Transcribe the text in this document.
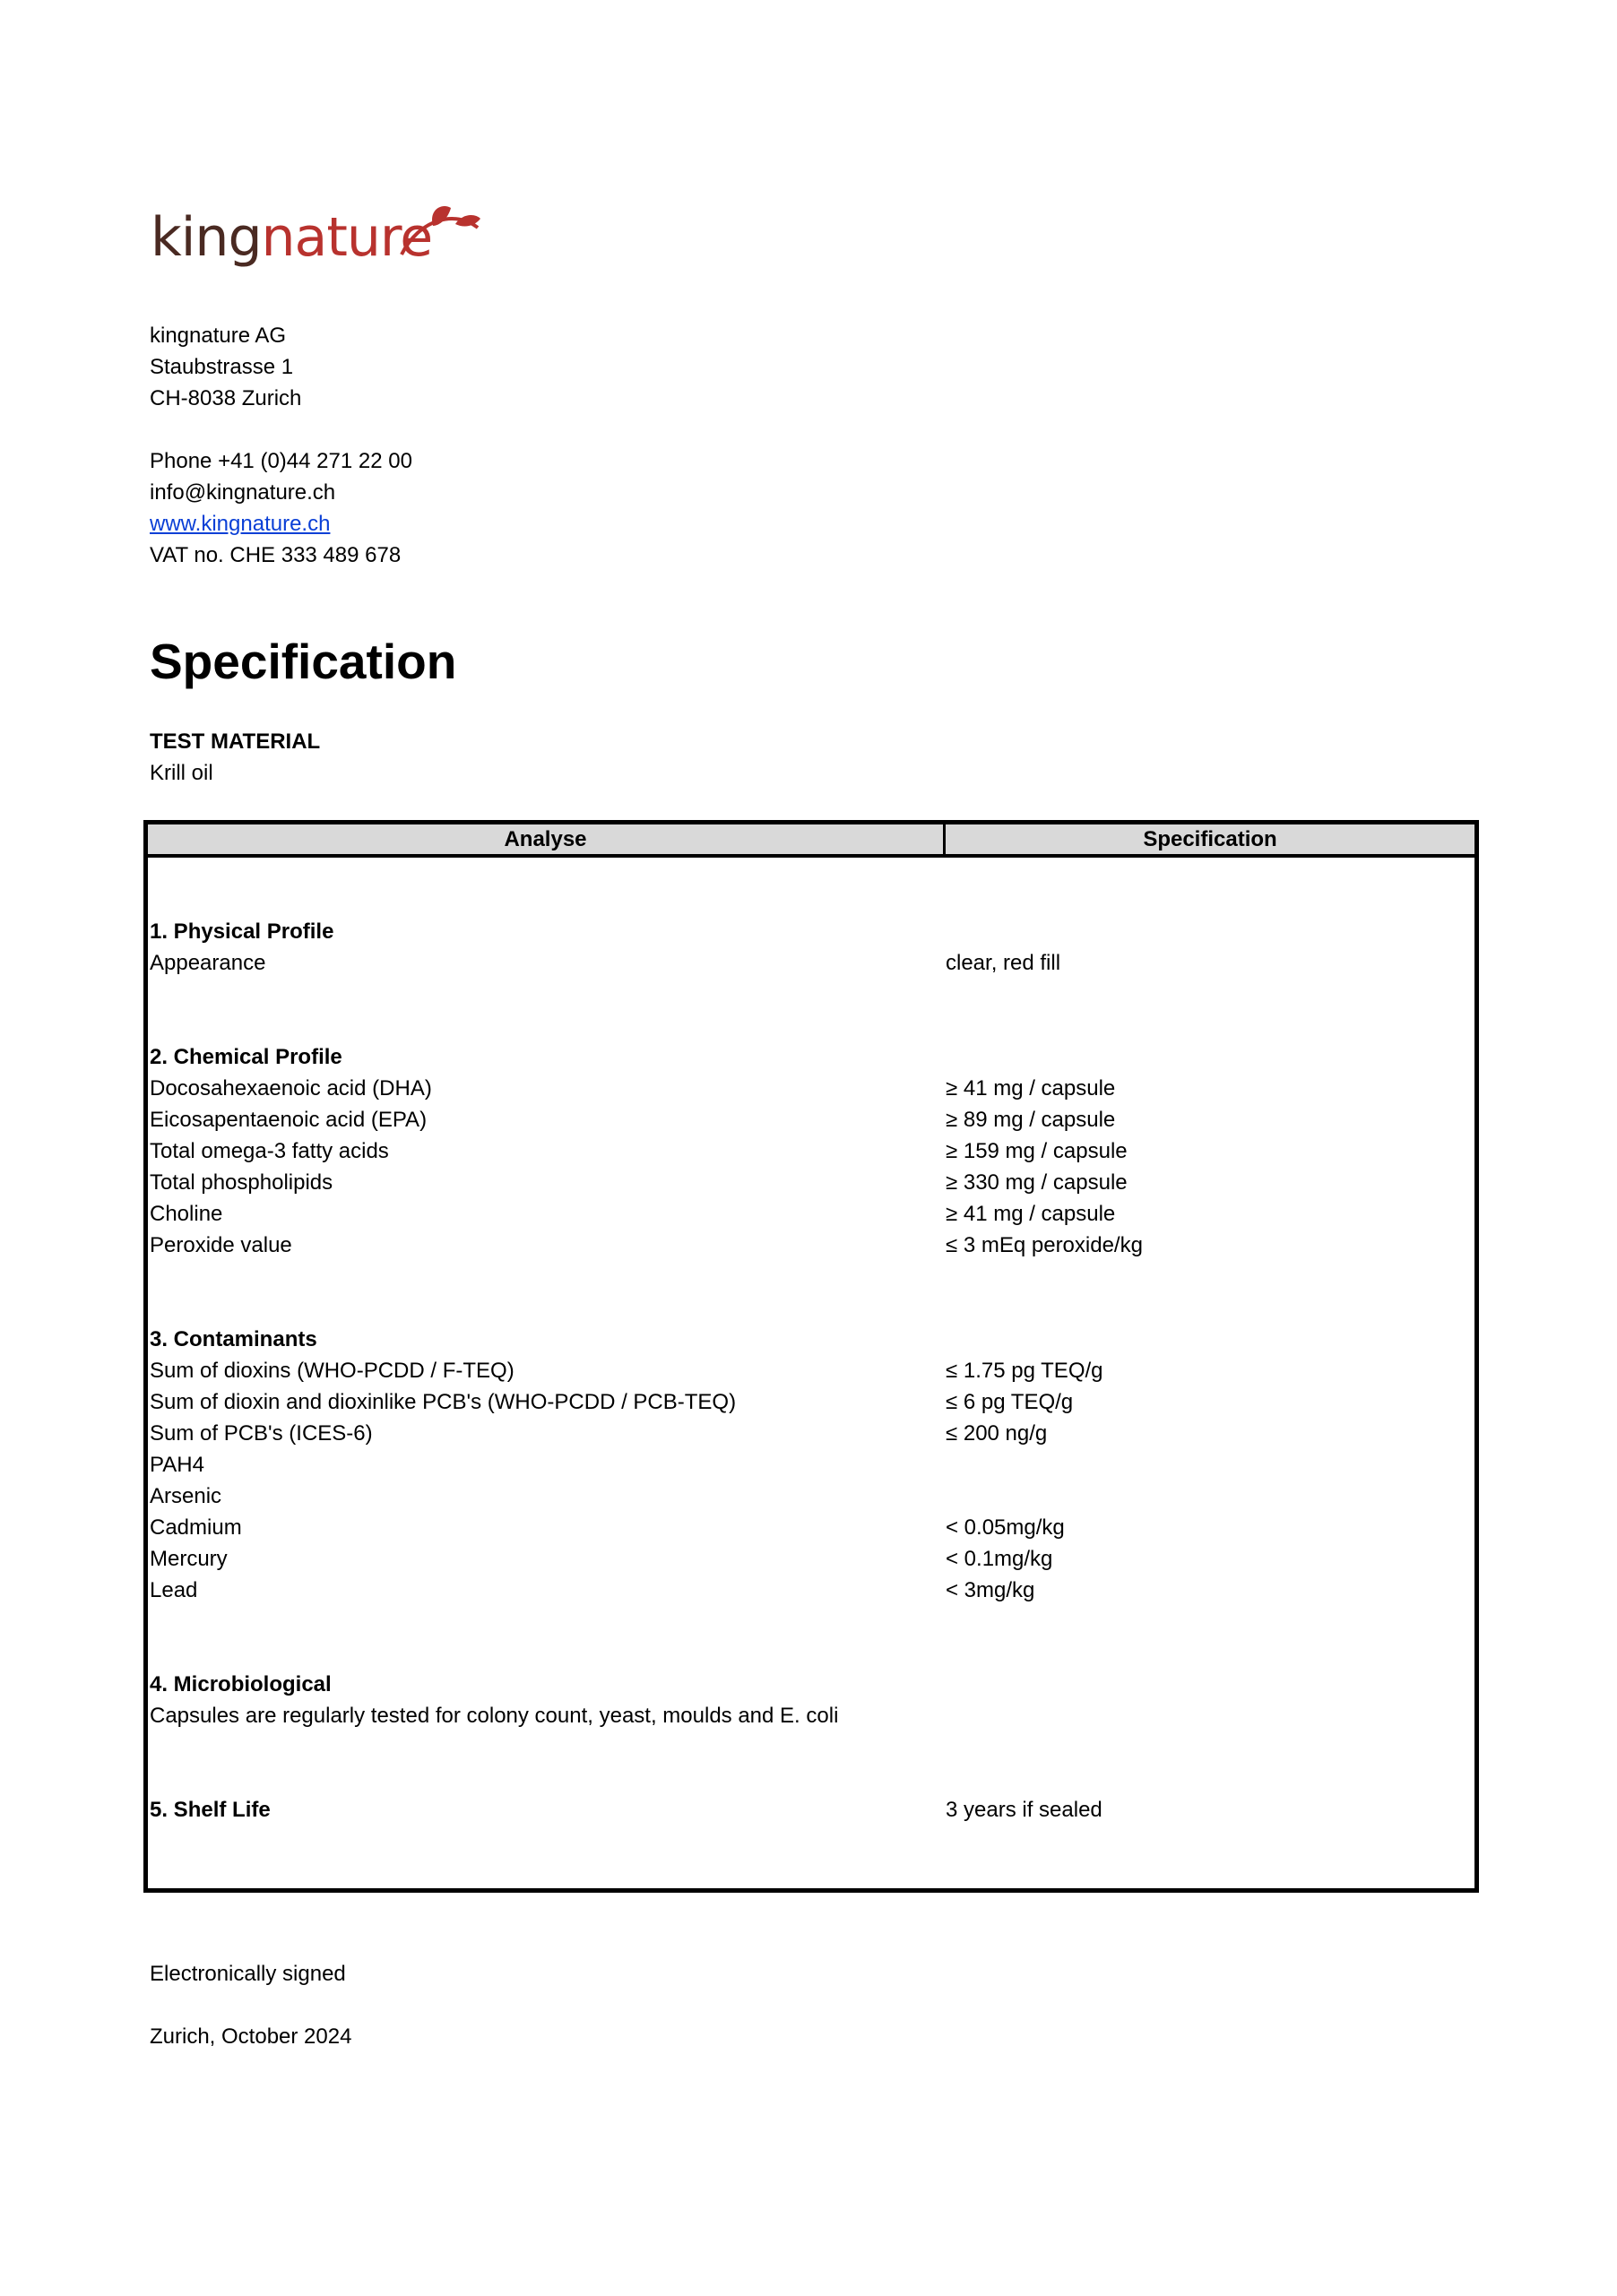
kingnature
kingnature AG
Staubstrasse 1
CH-8038 Zurich
Phone +41 (0)44 271 22 00
info@kingnature.ch
www.kingnature.ch
VAT no. CHE 333 489 678
Specification
TEST MATERIAL
Krill oil
Analyse	Specification
1. Physical Profile
Appearance	clear, red fill
2. Chemical Profile
Docosahexaenoic acid (DHA)	≥ 41 mg / capsule
Eicosapentaenoic acid (EPA)	≥ 89 mg / capsule
Total omega-3 fatty acids	≥ 159 mg / capsule
Total phospholipids	≥ 330 mg / capsule
Choline	≥ 41 mg / capsule
Peroxide value	≤ 3 mEq peroxide/kg
3. Contaminants
Sum of dioxins (WHO-PCDD / F-TEQ)	≤ 1.75 pg TEQ/g
Sum of dioxin and dioxinlike PCB's (WHO-PCDD / PCB-TEQ)	≤ 6 pg TEQ/g
Sum of PCB's (ICES-6)	≤ 200 ng/g
PAH4
Arsenic
Cadmium	< 0.05mg/kg
Mercury	< 0.1mg/kg
Lead	< 3mg/kg
4. Microbiological
Capsules are regularly tested for colony count, yeast, moulds and E. coli
5. Shelf Life	3 years if sealed
Electronically signed
Zurich, October 2024
